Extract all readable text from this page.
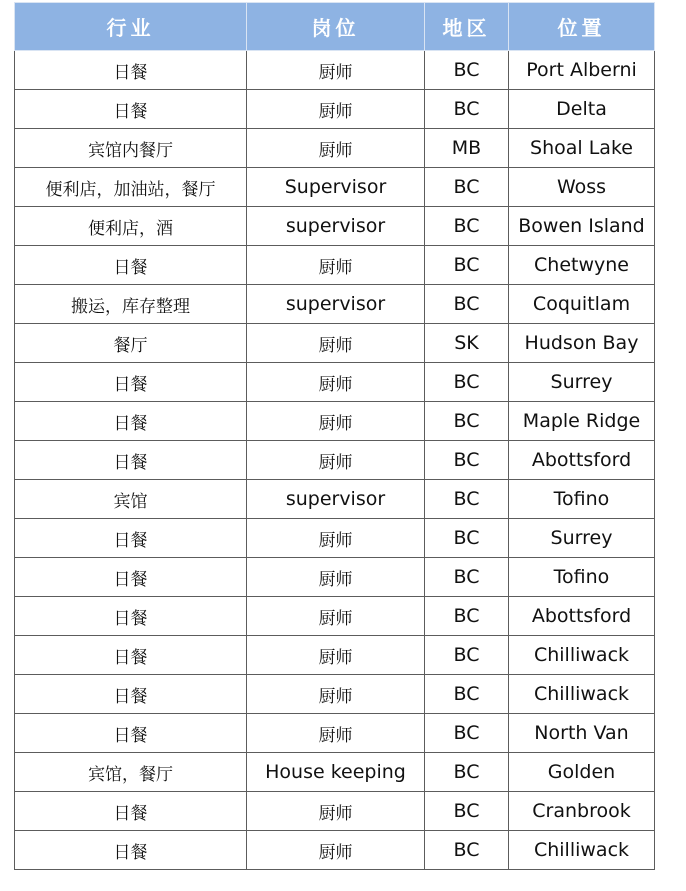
行业	岗位	地区	位置
日餐	厨师	BC	Port Alberni
日餐	厨师	BC	Delta
宾馆内餐厅	厨师	MB	Shoal Lake
便利店，加油站，餐厅	Supervisor	BC	Woss
便利店，酒	supervisor	BC	Bowen Island
日餐	厨师	BC	Chetwyne
搬运，库存整理	supervisor	BC	Coquitlam
餐厅	厨师	SK	Hudson Bay
日餐	厨师	BC	Surrey
日餐	厨师	BC	Maple Ridge
日餐	厨师	BC	Abottsford
宾馆	supervisor	BC	Tofino
日餐	厨师	BC	Surrey
日餐	厨师	BC	Tofino
日餐	厨师	BC	Abottsford
日餐	厨师	BC	Chilliwack
日餐	厨师	BC	Chilliwack
日餐	厨师	BC	North Van
宾馆，餐厅	House keeping	BC	Golden
日餐	厨师	BC	Cranbrook
日餐	厨师	BC	Chilliwack
